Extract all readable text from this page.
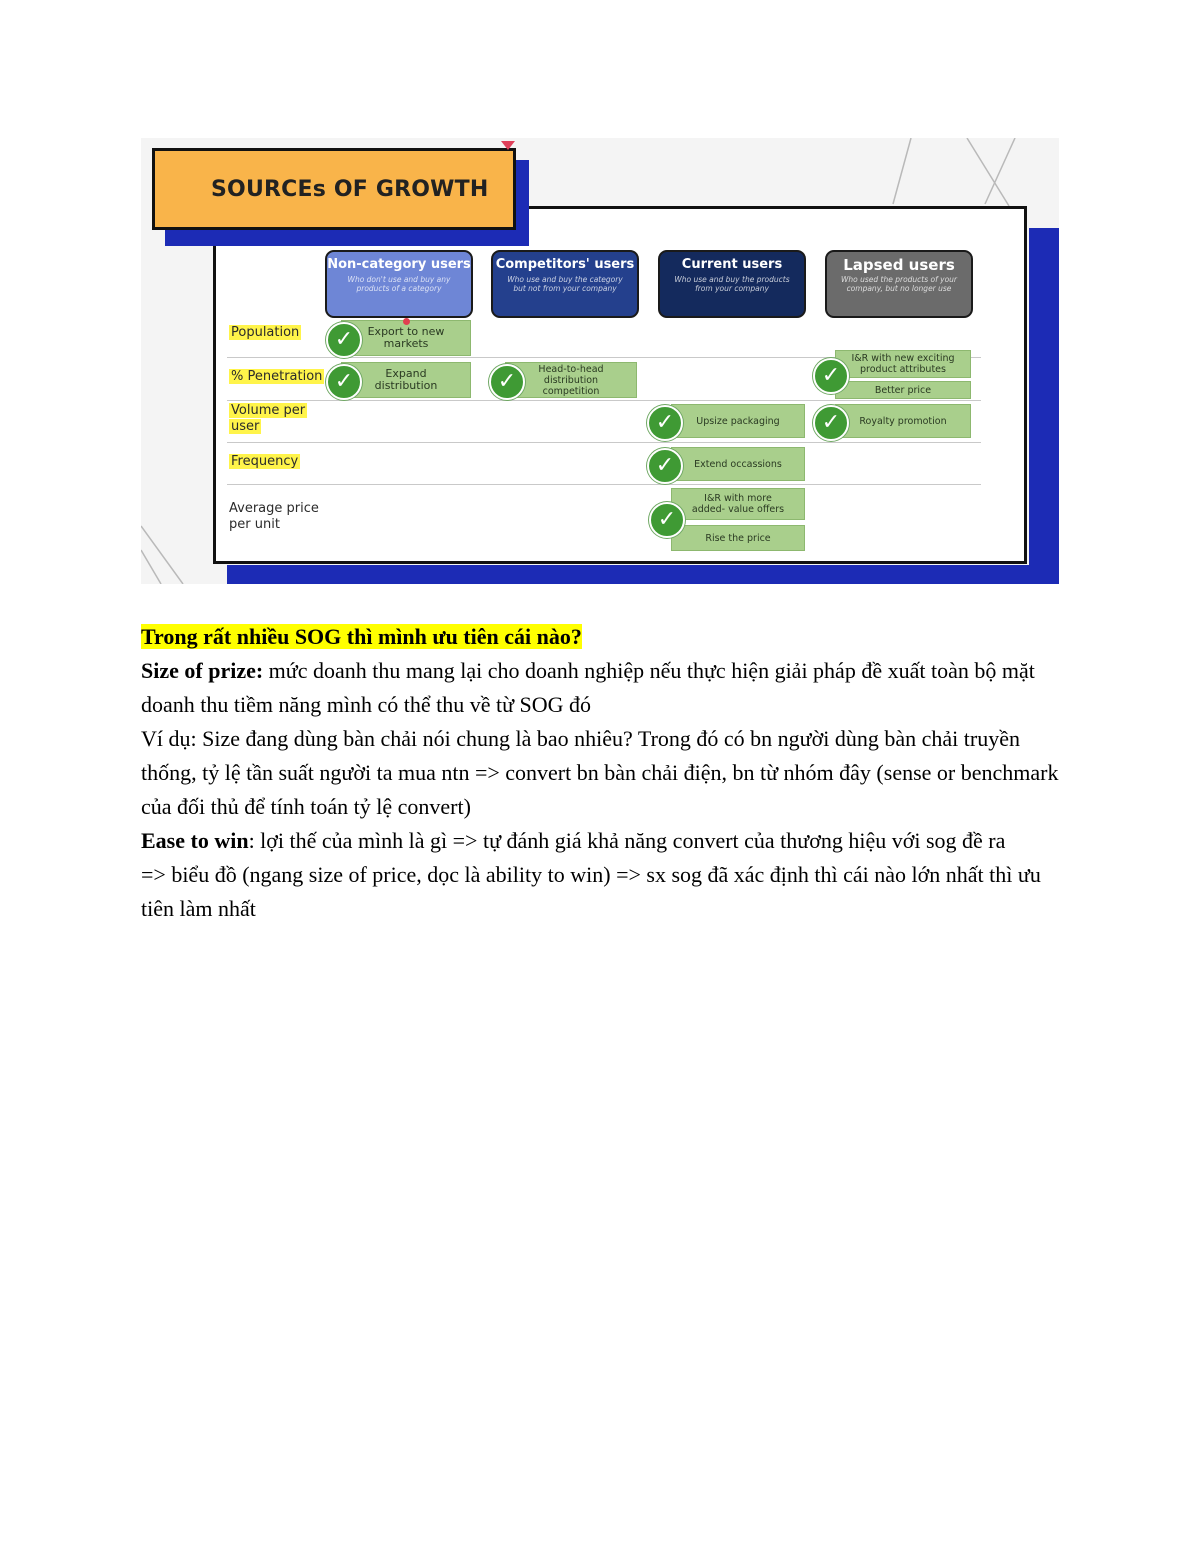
SOURCEs OF GROWTH
Non-category users
Who don't use and buy any products of a category
Competitors' users
Who use and buy the category but not from your company
Current users
Who use and buy the products from your company
Lapsed users
Who used the products of your company, but no longer use
Population
% Penetration
Volume per
user
Frequency
Average price
per unit
Export to new
markets
✓
Expand
distribution
✓	Head-to-head
distribution
competition
✓
Upsize packaging
✓
Extend occassions
✓
I&R with more
added- value offers
Rise the price
✓
I&R with new exciting
product attributes
Better price
✓
Royalty promotion
✓

Trong rất nhiều SOG thì mình ưu tiên cái nào?

Size of prize: mức doanh thu mang lại cho doanh nghiệp nếu thực hiện giải pháp đề xuất toàn bộ mặt doanh thu tiềm năng mình có thể thu về từ SOG đó

Ví dụ: Size đang dùng bàn chải nói chung là bao nhiêu? Trong đó có bn người dùng bàn chải truyền thống, tỷ lệ tần suất người ta mua ntn => convert bn bàn chải điện, bn từ nhóm đây (sense or benchmark của đối thủ để tính toán tỷ lệ convert)

Ease to win: lợi thế của mình là gì => tự đánh giá khả năng convert của thương hiệu với sog đề ra

=> biểu đồ (ngang size of price, dọc là ability to win) => sx sog đã xác định thì cái nào lớn nhất thì ưu tiên làm nhất
